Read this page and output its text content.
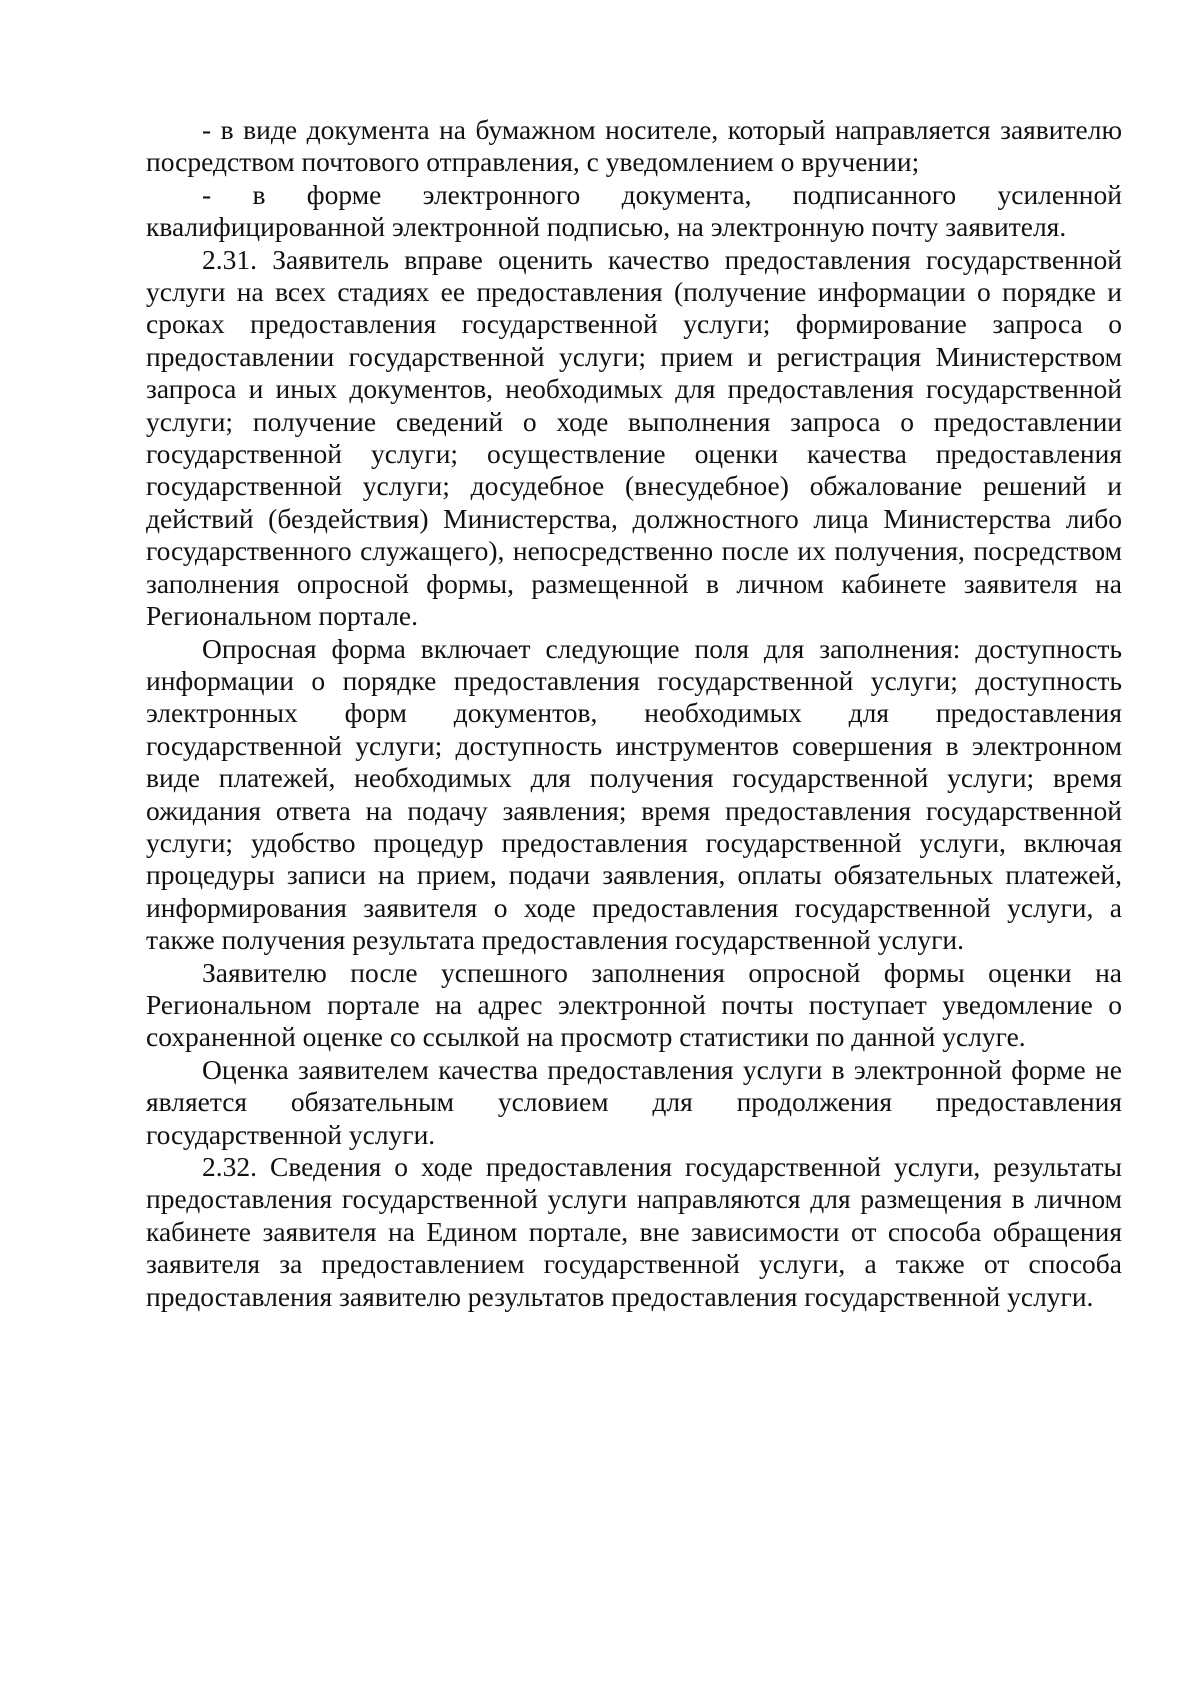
- в виде документа на бумажном носителе, который направляется заявителю посредством почтового отправления, с уведомлением о вручении;

- в форме электронного документа, подписанного усиленной квалифицированной электронной подписью, на электронную почту заявителя.

2.31. Заявитель вправе оценить качество предоставления государственной услуги на всех стадиях ее предоставления (получение информации о порядке и сроках предоставления государственной услуги; формирование запроса о предоставлении государственной услуги; прием и регистрация Министерством запроса и иных документов, необходимых для предоставления государственной услуги; получение сведений о ходе выполнения запроса о предоставлении государственной услуги; осуществление оценки качества предоставления государственной услуги; досудебное (внесудебное) обжалование решений и действий (бездействия) Министерства, должностного лица Министерства либо государственного служащего), непосредственно после их получения, посредством заполнения опросной формы, размещенной в личном кабинете заявителя на Региональном портале.

Опросная форма включает следующие поля для заполнения: доступность информации о порядке предоставления государственной услуги; доступность электронных форм документов, необходимых для предоставления государственной услуги; доступность инструментов совершения в электронном виде платежей, необходимых для получения государственной услуги; время ожидания ответа на подачу заявления; время предоставления государственной услуги; удобство процедур предоставления государственной услуги, включая процедуры записи на прием, подачи заявления, оплаты обязательных платежей, информирования заявителя о ходе предоставления государственной услуги, а также получения результата предоставления государственной услуги.

Заявителю после успешного заполнения опросной формы оценки на Региональном портале на адрес электронной почты поступает уведомление о сохраненной оценке со ссылкой на просмотр статистики по данной услуге.

Оценка заявителем качества предоставления услуги в электронной форме не является обязательным условием для продолжения предоставления государственной услуги.

2.32. Сведения о ходе предоставления государственной услуги, результаты предоставления государственной услуги направляются для размещения в личном кабинете заявителя на Едином портале, вне зависимости от способа обращения заявителя за предоставлением государственной услуги, а также от способа предоставления заявителю результатов предоставления государственной услуги.
